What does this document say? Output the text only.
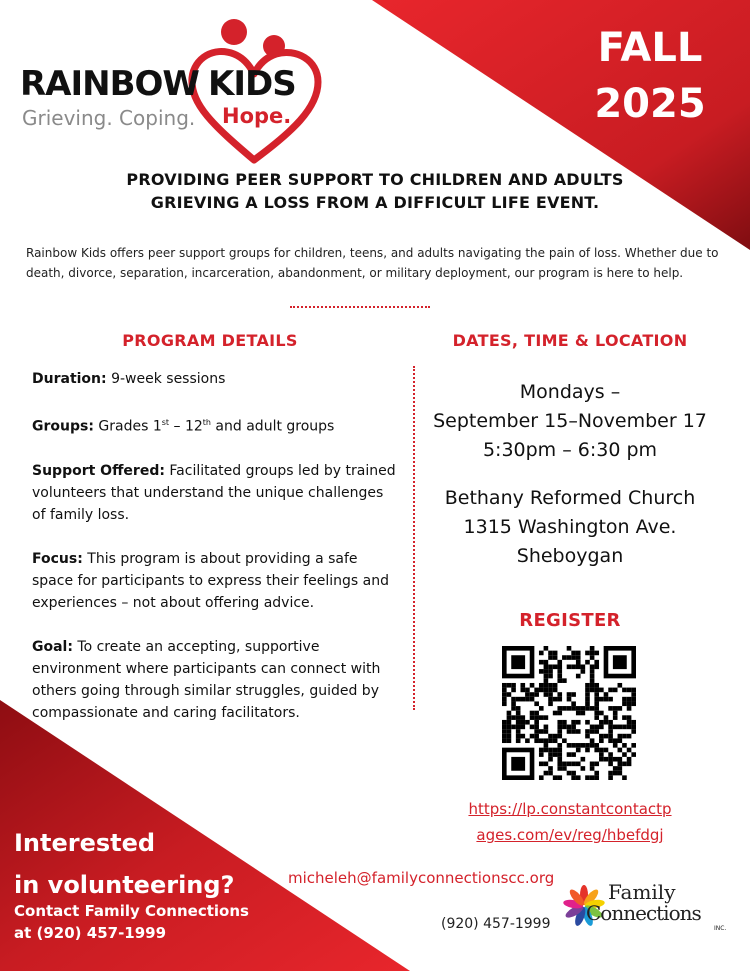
RAINBOW KIDS
Grieving. Coping. Hope.
FALL
2025
PROVIDING PEER SUPPORT TO CHILDREN AND ADULTS
GRIEVING A LOSS FROM A DIFFICULT LIFE EVENT.
Rainbow Kids offers peer support groups for children, teens, and adults navigating the pain of loss. Whether due to death, divorce, separation, incarceration, abandonment, or military deployment, our program is here to help.
PROGRAM DETAILS	DATES, TIME & LOCATION

Duration: 9-week sessions

Groups: Grades 1st – 12th and adult groups

Support Offered: Facilitated groups led by trained volunteers that understand the unique challenges of family loss.

Focus: This program is about providing a safe space for participants to express their feelings and experiences – not about offering advice.

Goal: To create an accepting, supportive environment where participants can connect with others going through similar struggles, guided by compassionate and caring facilitators.

Mondays –
September 15–November 17
5:30pm – 6:30 pm
Bethany Reformed Church
1315 Washington Ave.
Sheboygan
REGISTER
https://lp.constantcontactp
ages.com/ev/reg/hbefdgj
Interested
in volunteering?
Contact Family Connections
at (920) 457-1999
micheleh@familyconnectionscc.org
(920) 457-1999
Family
Connections
INC.
